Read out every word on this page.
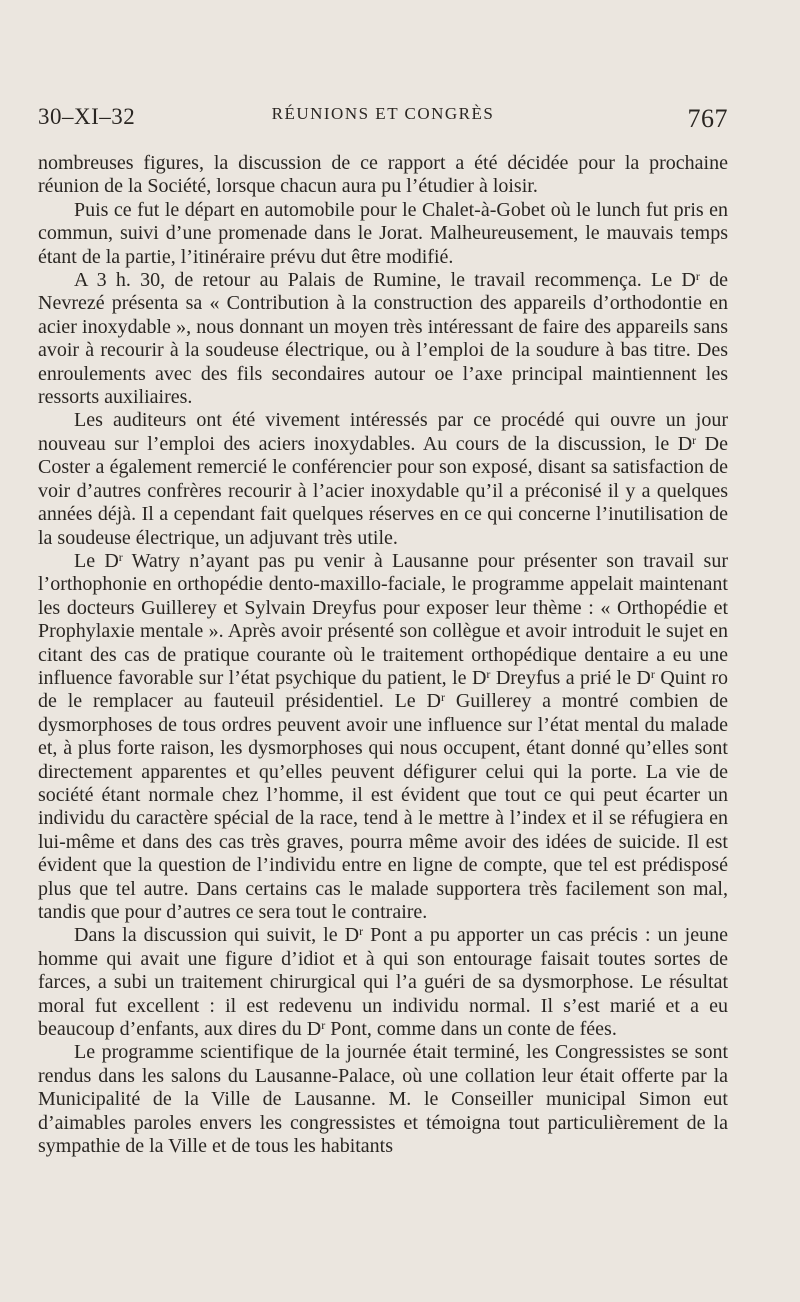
30–XI–32	RÉUNIONS ET CONGRÈS	767

nombreuses figures, la discussion de ce rapport a été décidée pour la prochaine réunion de la Société, lorsque chacun aura pu l’étudier à loisir.

Puis ce fut le départ en automobile pour le Chalet-à-Gobet où le lunch fut pris en commun, suivi d’une promenade dans le Jorat. Malheureusement, le mauvais temps étant de la partie, l’itinéraire prévu dut être modifié.

A 3 h. 30, de retour au Palais de Rumine, le travail recommença. Le $D^r$ de Nevrezé présenta sa « Contribution à la construction des appareils d’orthodontie en acier inoxydable », nous donnant un moyen très intéressant de faire des appareils sans avoir à recourir à la soudeuse électrique, ou à l’emploi de la soudure à bas titre. Des enroulements avec des fils secondaires autour oe l’axe principal maintiennent les ressorts auxiliaires.

Les auditeurs ont été vivement intéressés par ce procédé qui ouvre un jour nouveau sur l’emploi des aciers inoxydables. Au cours de la discussion, le $D^r$ De Coster a également remercié le conférencier pour son exposé, disant sa satisfaction de voir d’autres confrères recourir à l’acier inoxydable qu’il a préconisé il y a quelques années déjà. Il a cependant fait quelques réserves en ce qui concerne l’inutilisation de la soudeuse électrique, un adjuvant très utile.

Le $D^r$ Watry n’ayant pas pu venir à Lausanne pour présenter son travail sur l’orthophonie en orthopédie dento-maxillo-faciale, le programme appelait maintenant les docteurs Guillerey et Sylvain Dreyfus pour exposer leur thème : « Orthopédie et Prophylaxie mentale ». Après avoir présenté son collègue et avoir introduit le sujet en citant des cas de pratique courante où le traitement orthopédique dentaire a eu une influence favorable sur l’état psychique du patient, le $D^r$ Dreyfus a prié le $D^r$ Quint ro de le remplacer au fauteuil présidentiel. Le $D^r$ Guillerey a montré combien de dysmorphoses de tous ordres peuvent avoir une influence sur l’état mental du malade et, à plus forte raison, les dysmorphoses qui nous occupent, étant donné qu’elles sont directement apparentes et qu’elles peuvent défigurer celui qui la porte. La vie de société étant normale chez l’homme, il est évident que tout ce qui peut écarter un individu du caractère spécial de la race, tend à le mettre à l’index et il se réfugiera en lui-même et dans des cas très graves, pourra même avoir des idées de suicide. Il est évident que la question de l’individu entre en ligne de compte, que tel est prédisposé plus que tel autre. Dans certains cas le malade supportera très facilement son mal, tandis que pour d’autres ce sera tout le contraire.

Dans la discussion qui suivit, le $D^r$ Pont a pu apporter un cas précis : un jeune homme qui avait une figure d’idiot et à qui son entourage faisait toutes sortes de farces, a subi un traitement chirurgical qui l’a guéri de sa dysmorphose. Le résultat moral fut excellent : il est redevenu un individu normal. Il s’est marié et a eu beaucoup d’enfants, aux dires du $D^r$ Pont, comme dans un conte de fées.

Le programme scientifique de la journée était terminé, les Congressistes se sont rendus dans les salons du Lausanne-Palace, où une collation leur était offerte par la Municipalité de la Ville de Lausanne. M. le Conseiller municipal Simon eut d’aimables paroles envers les congressistes et témoigna tout particulièrement de la sympathie de la Ville et de tous les habitants
